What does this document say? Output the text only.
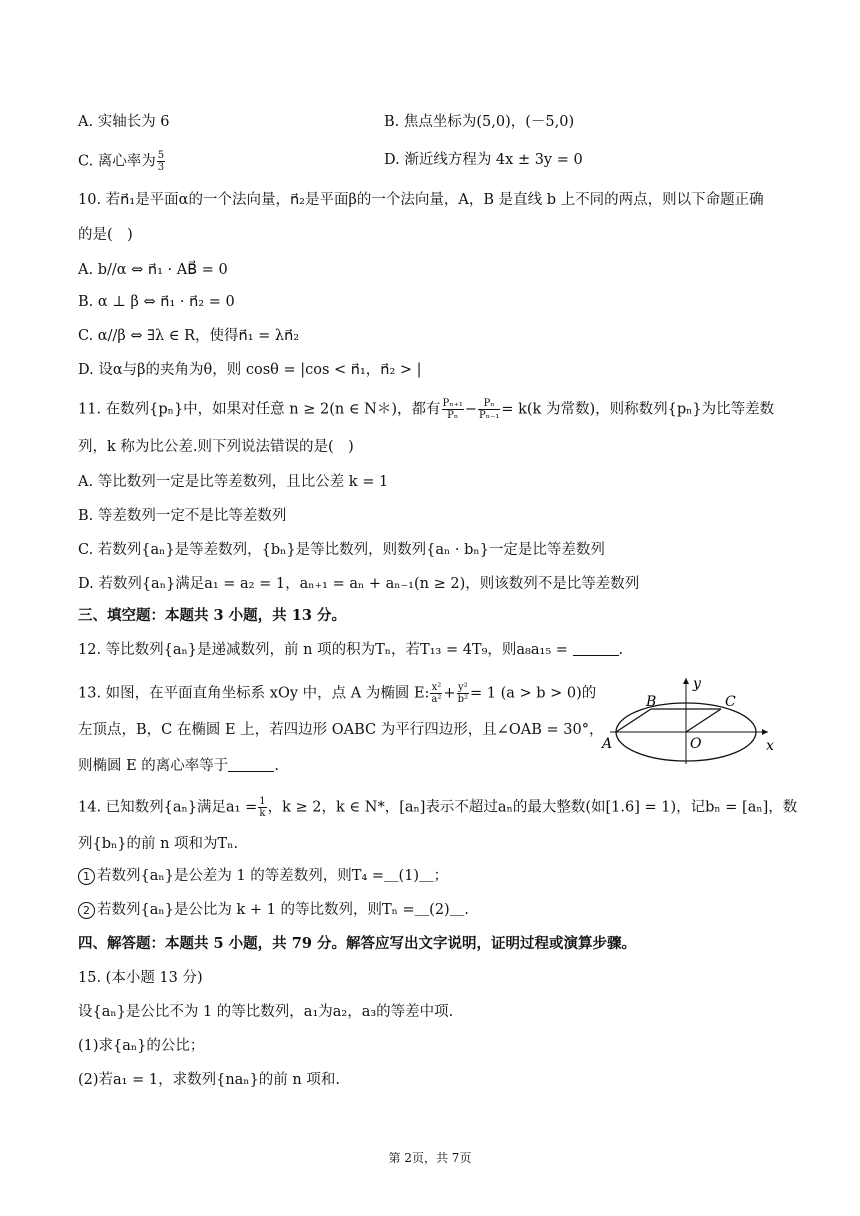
A. 实轴长为 6	B. 焦点坐标为(5,0)，(－5,0)
C. 离心率为 $\frac{5}{3}$	D. 渐近线方程为 4x ± 3y = 0
10. 若n⃗₁是平面α的一个法向量，n⃗₂是平面β的一个法向量，A，B 是直线 b 上不同的两点，则以下命题正确
的是(　)
A. b//α ⇔ n⃗₁ · AB⃗ = 0
B. α ⊥ β ⇔ n⃗₁ · n⃗₂ = 0
C. α//β ⇔ ∃λ ∈ R，使得n⃗₁ = λn⃗₂
D. 设α与β的夹角为θ，则 cosθ = |cos < n⃗₁，n⃗₂ > |
11. 在数列{pₙ}中，如果对任意 n ≥ 2(n ∈ N＊)，都有 $\frac{\text{Pₙ₊₁}}{\text{Pₙ}} - \frac{\text{Pₙ}}{\text{Pₙ₋₁}} = k(k$ 为常数)，则称数列{pₙ}为比等差数
列，k 称为比公差.则下列说法错误的是(　)
A. 等比数列一定是比等差数列，且比公差 k = 1
B. 等差数列一定不是比等差数列
C. 若数列{aₙ}是等差数列，{bₙ}是等比数列，则数列{aₙ · bₙ}一定是比等差数列
D. 若数列{aₙ}满足a₁ = a₂ = 1，aₙ₊₁ = aₙ + aₙ₋₁(n ≥ 2)，则该数列不是比等差数列
三、填空题：本题共 3 小题，共 13 分。
12. 等比数列{aₙ}是递减数列，前 n 项的积为Tₙ，若T₁₃ = 4T₉，则a₈a₁₅ =	.
13. 如图，在平面直角坐标系 xOy 中，点 A 为椭圆 E: $\frac{\text{x²}}{\text{a²}} + \frac{\text{y²}}{\text{b²}} = 1$ (a > b > 0)的
左顶点，B，C 在椭圆 E 上，若四边形 OABC 为平行四边形，且∠OAB = 30°，
则椭圆 E 的离心率等于	.
A
B	C
O	x
y
14. 已知数列{aₙ}满足$a_1 = \frac{1}{k}$ ，k ≥ 2，k ∈ N*，[aₙ]表示不超过aₙ的最大整数(如[1.6] = 1)，记bₙ = [aₙ]，数
列{bₙ}的前 n 项和为Tₙ.
1 若数列{aₙ}是公差为 1 的等差数列，则T₄ =＿(1)＿；
2 若数列{aₙ}是公比为 k + 1 的等比数列，则Tₙ =＿(2)＿.
四、解答题：本题共 5 小题，共 79 分。解答应写出文字说明，证明过程或演算步骤。
15. (本小题 13 分)
设{aₙ}是公比不为 1 的等比数列，a₁为a₂，a₃的等差中项.
(1)求{aₙ}的公比；
(2)若a₁ = 1，求数列{naₙ}的前 n 项和.
第 2页，共 7页
